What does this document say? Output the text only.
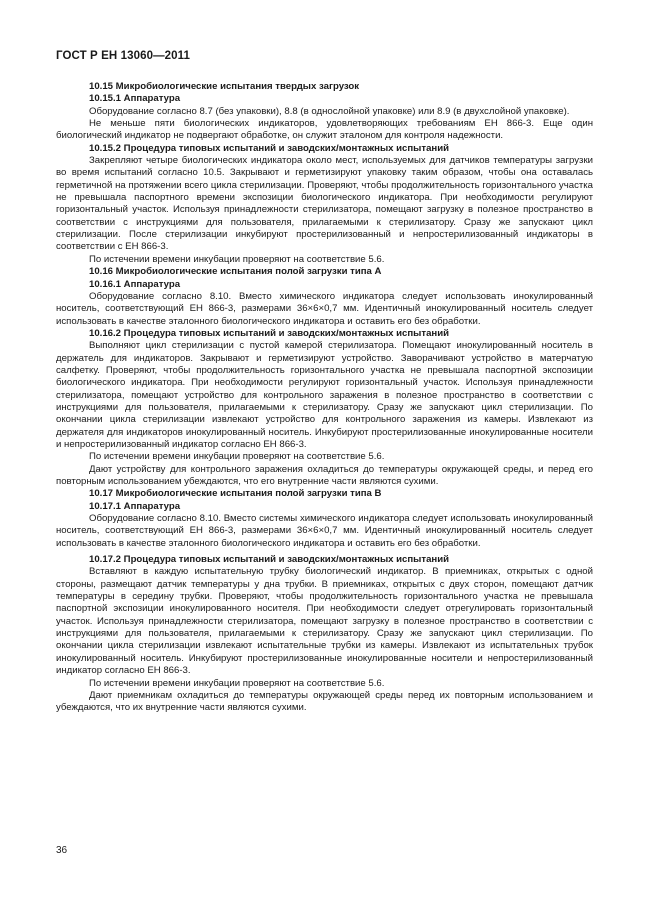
ГОСТ Р ЕН 13060—2011

10.15 Микробиологические испытания твердых загрузок

10.15.1 Аппаратура

Оборудование согласно 8.7 (без упаковки), 8.8 (в однослойной упаковке) или 8.9 (в двухслойной упаковке).

Не меньше пяти биологических индикаторов, удовлетворяющих требованиям ЕН 866-3. Еще один биологический индикатор не подвергают обработке, он служит эталоном для контроля надежности.

10.15.2 Процедура типовых испытаний и заводских/монтажных испытаний

Закрепляют четыре биологических индикатора около мест, используемых для датчиков температуры загрузки во время испытаний согласно 10.5. Закрывают и герметизируют упаковку таким образом, чтобы она оставалась герметичной на протяжении всего цикла стерилизации. Проверяют, чтобы продолжительность горизонтального участка не превышала паспортного времени экспозиции биологического индикатора. При необходимости регулируют горизонтальный участок. Используя принадлежности стерилизатора, помещают загрузку в полезное пространство в соответствии с инструкциями для пользователя, прилагаемыми к стерилизатору. Сразу же запускают цикл стерилизации. После стерилизации инкубируют простерилизованный и непростерилизованный индикаторы в соответствии с ЕН 866-3.

По истечении времени инкубации проверяют на соответствие 5.6.

10.16 Микробиологические испытания полой загрузки типа А

10.16.1 Аппаратура

Оборудование согласно 8.10. Вместо химического индикатора следует использовать инокулированный носитель, соответствующий ЕН 866-3, размерами 36×6×0,7 мм. Идентичный инокулированный носитель следует использовать в качестве эталонного биологического индикатора и оставить его без обработки.

10.16.2 Процедура типовых испытаний и заводских/монтажных испытаний

Выполняют цикл стерилизации с пустой камерой стерилизатора. Помещают инокулированный носитель в держатель для индикаторов. Закрывают и герметизируют устройство. Заворачивают устройство в матерчатую салфетку. Проверяют, чтобы продолжительность горизонтального участка не превышала паспортной экспозиции биологического индикатора. При необходимости регулируют горизонтальный участок. Используя принадлежности стерилизатора, помещают устройство для контрольного заражения в полезное пространство в соответствии с инструкциями для пользователя, прилагаемыми к стерилизатору. Сразу же запускают цикл стерилизации. По окончании цикла стерилизации извлекают устройство для контрольного заражения из камеры. Извлекают из держателя для индикаторов инокулированный носитель. Инкубируют простерилизованные инокулированные носители и непростерилизованный индикатор согласно ЕН 866-3.

По истечении времени инкубации проверяют на соответствие 5.6.

Дают устройству для контрольного заражения охладиться до температуры окружающей среды, и перед его повторным использованием убеждаются, что его внутренние части являются сухими.

10.17 Микробиологические испытания полой загрузки типа В

10.17.1 Аппаратура

Оборудование согласно 8.10. Вместо системы химического индикатора следует использовать инокулированный носитель, соответствующий ЕН 866-3, размерами 36×6×0,7 мм. Идентичный инокулированный носитель следует использовать в качестве эталонного биологического индикатора и оставить его без обработки.

10.17.2 Процедура типовых испытаний и заводских/монтажных испытаний

Вставляют в каждую испытательную трубку биологический индикатор. В приемниках, открытых с одной стороны, размещают датчик температуры у дна трубки. В приемниках, открытых с двух сторон, помещают датчик температуры в середину трубки. Проверяют, чтобы продолжительность горизонтального участка не превышала паспортной экспозиции инокулированного носителя. При необходимости следует отрегулировать горизонтальный участок. Используя принадлежности стерилизатора, помещают загрузку в полезное пространство в соответствии с инструкциями для пользователя, прилагаемыми к стерилизатору. Сразу же запускают цикл стерилизации. По окончании цикла стерилизации извлекают испытательные трубки из камеры. Извлекают из испытательных трубок инокулированный носитель. Инкубируют простерилизованные инокулированные носители и непростерилизованный индикатор согласно ЕН 866-3.

По истечении времени инкубации проверяют на соответствие 5.6.

Дают приемникам охладиться до температуры окружающей среды перед их повторным использованием и убеждаются, что их внутренние части являются сухими.

36
